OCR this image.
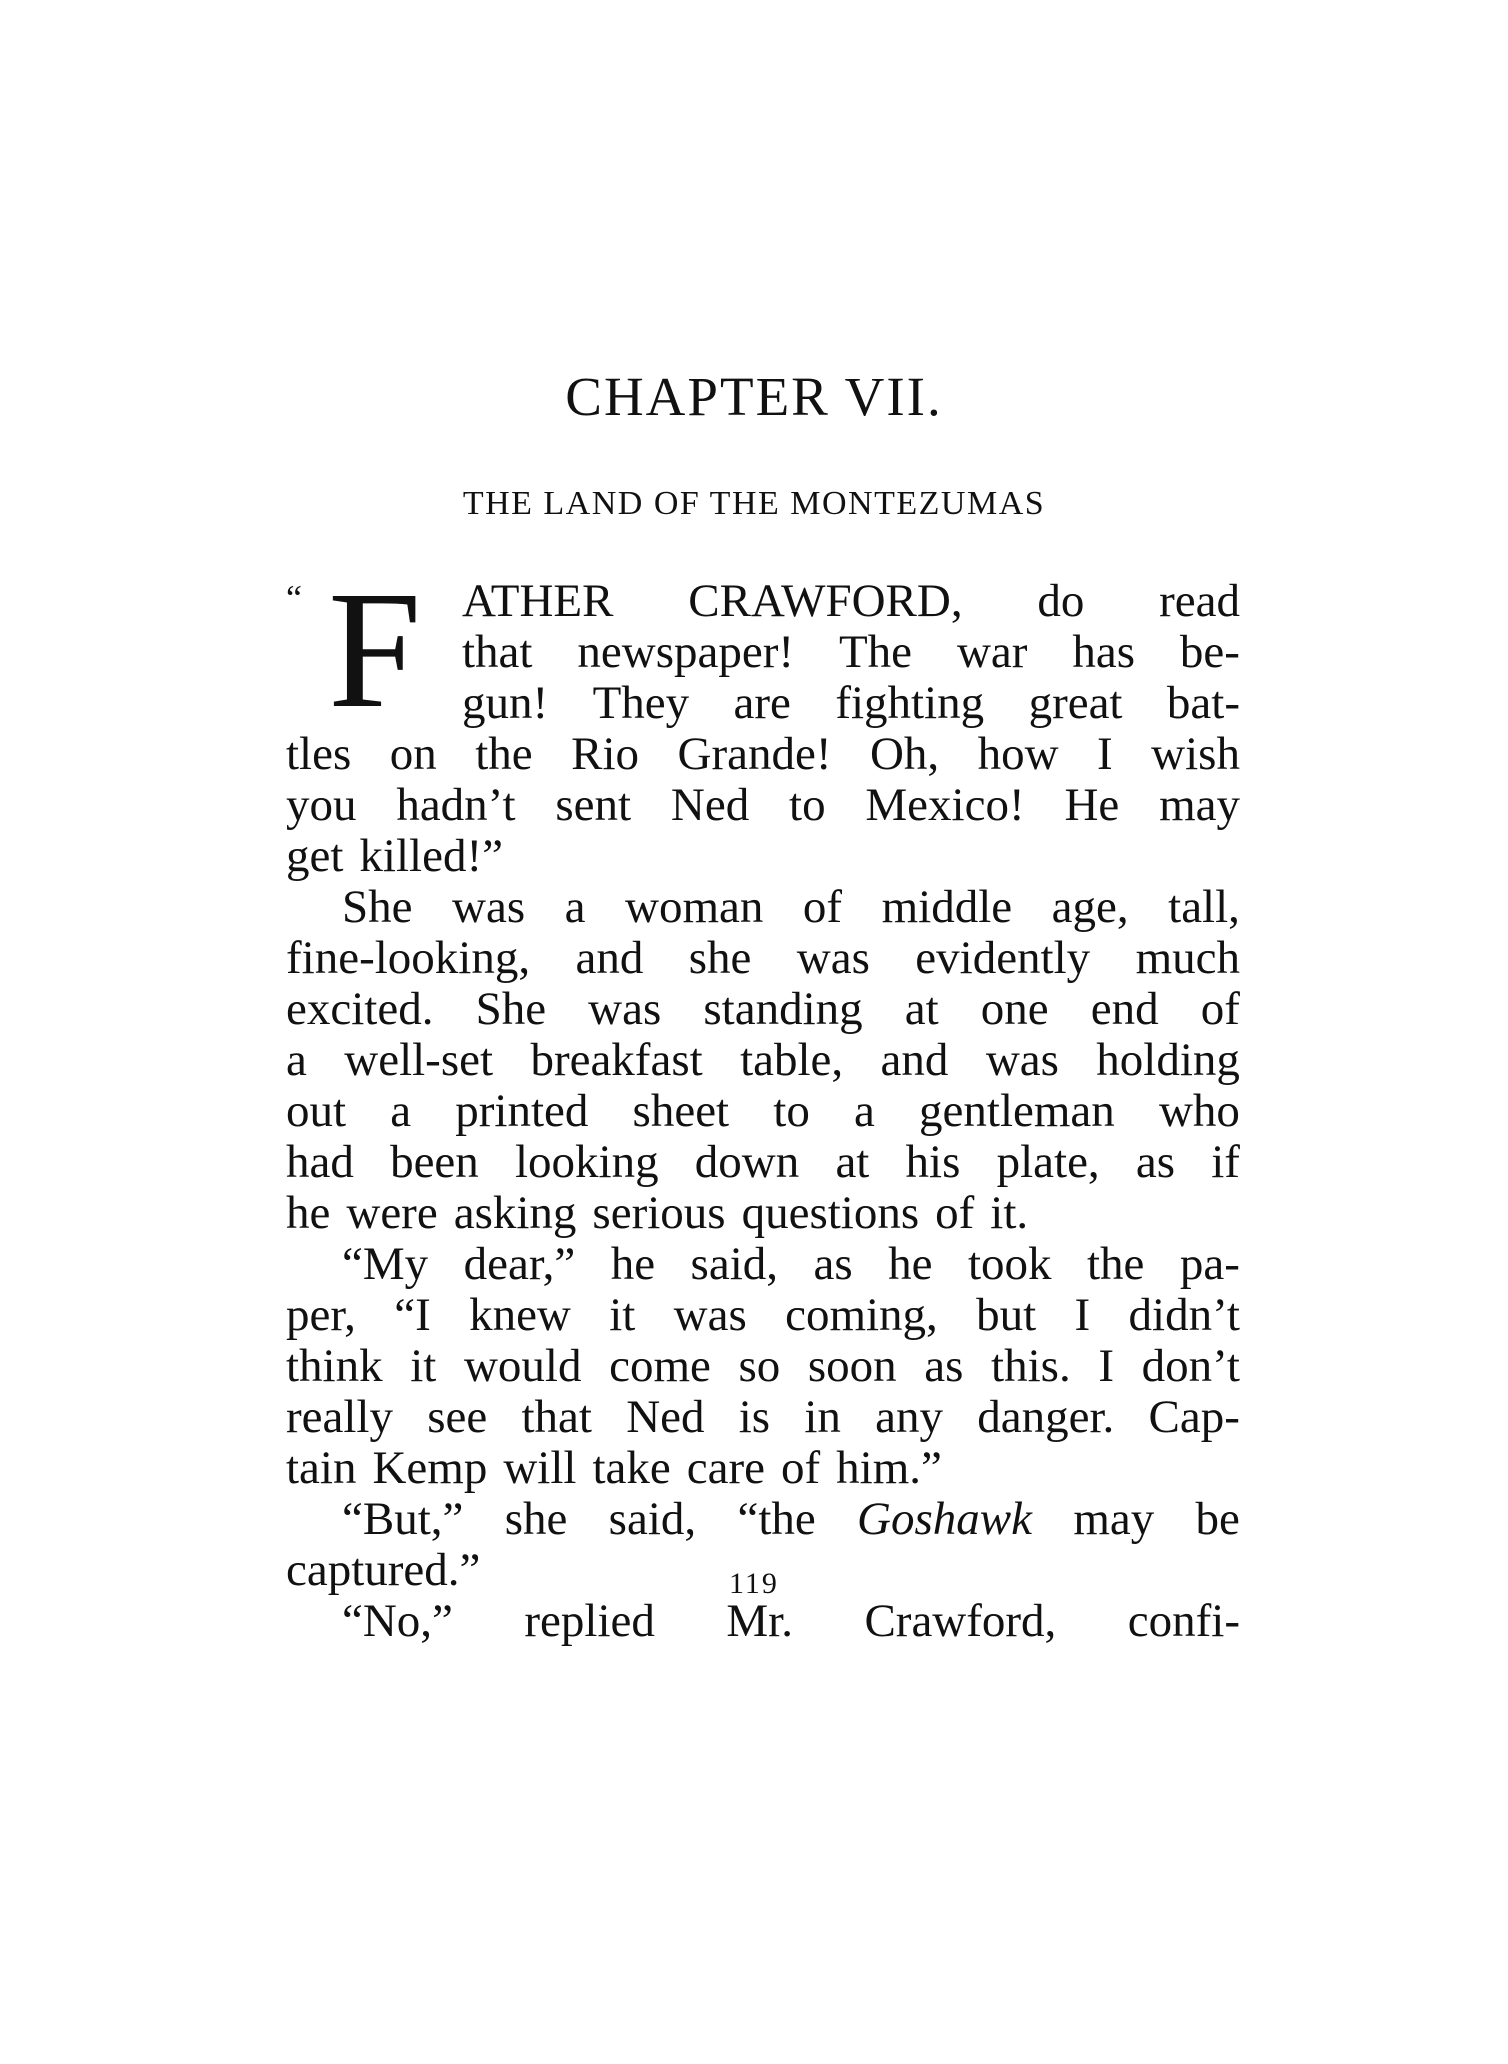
CHAPTER VII.
THE LAND OF THE MONTEZUMAS
“ F ATHER CRAWFORD, do read
that newspaper! The war has be-
gun! They are fighting great bat-
tles on the Rio Grande! Oh, how I wish
you hadn’t sent Ned to Mexico! He may
get killed!”
She was a woman of middle age, tall,
fine-looking, and she was evidently much
excited. She was standing at one end of
a well-set breakfast table, and was holding
out a printed sheet to a gentleman who
had been looking down at his plate, as if
he were asking serious questions of it.
“My dear,” he said, as he took the pa-
per, “I knew it was coming, but I didn’t
think it would come so soon as this. I don’t
really see that Ned is in any danger. Cap-
tain Kemp will take care of him.”
“But,” she said, “the Goshawk may be
captured.”
“No,” replied Mr. Crawford, confi-
119
